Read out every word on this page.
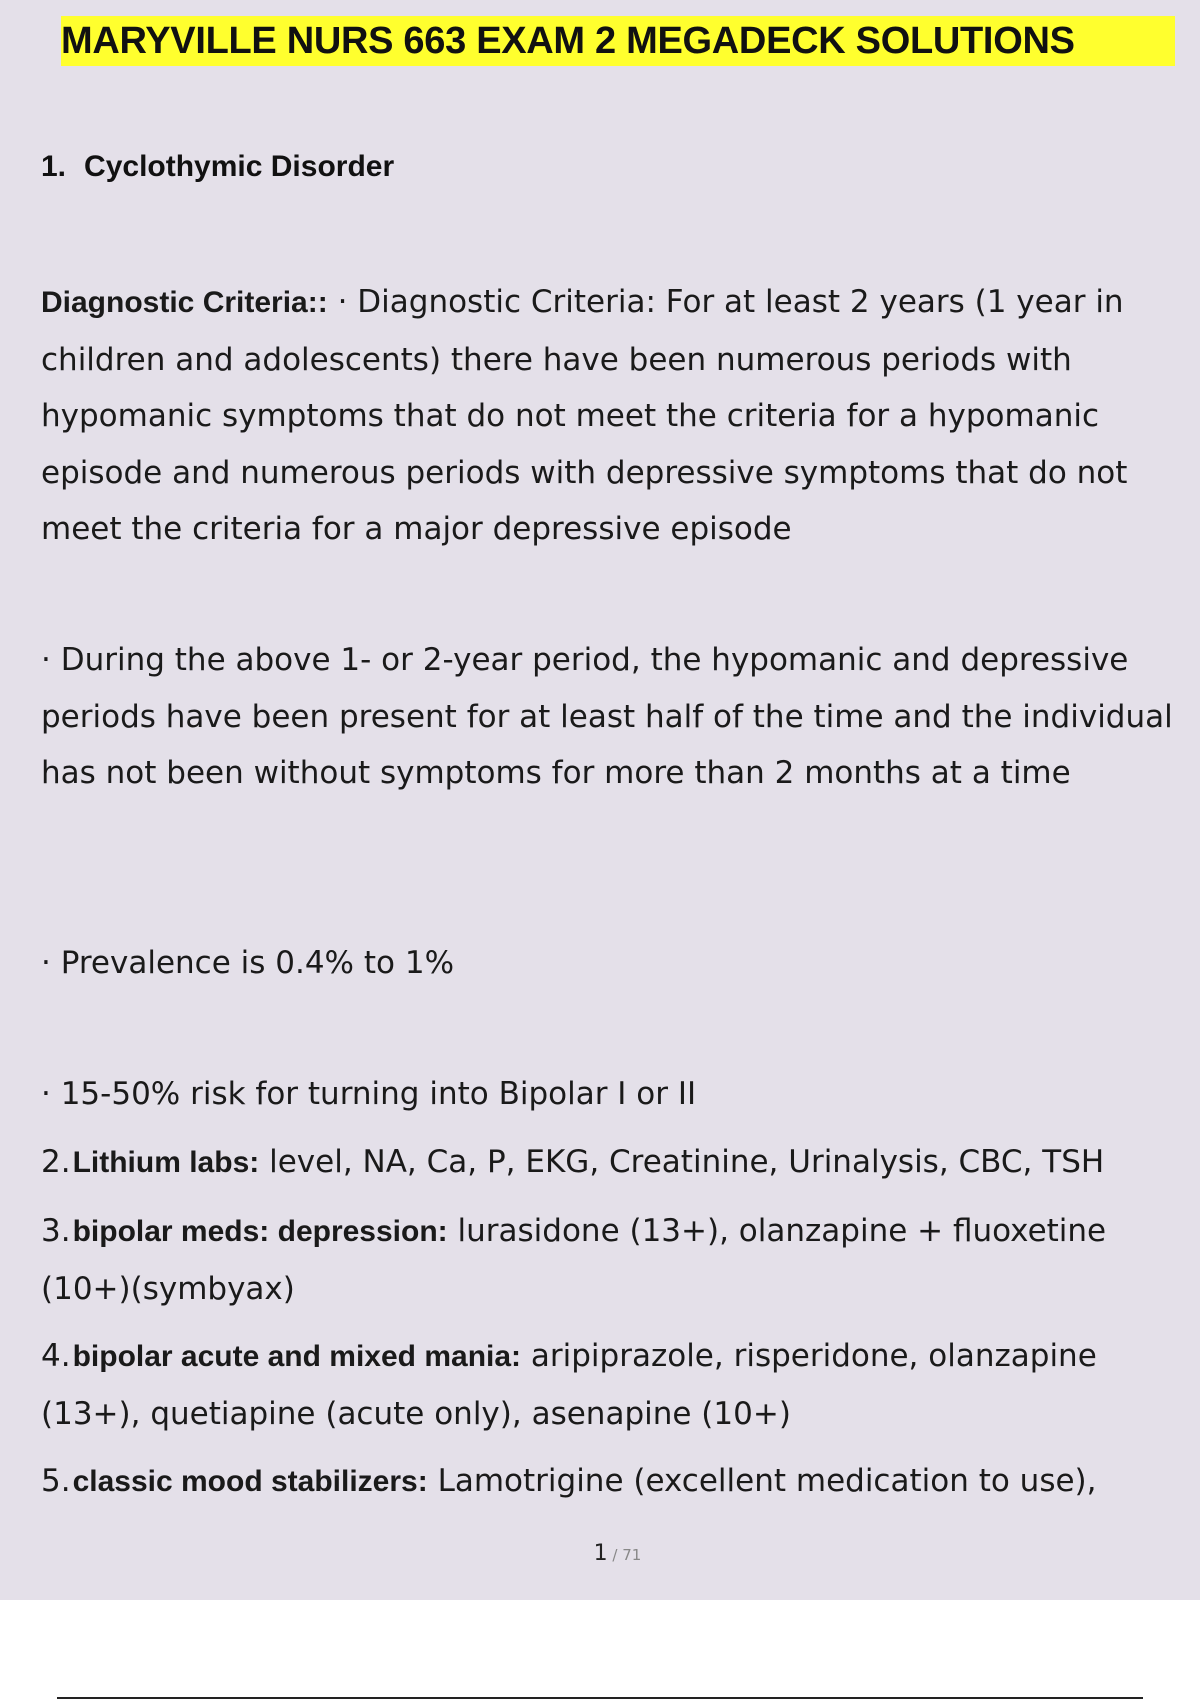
MARYVILLE NURS 663 EXAM 2 MEGADECK SOLUTIONS
1. Cyclothymic Disorder
Diagnostic Criteria:: · Diagnostic Criteria: For at least 2 years (1 year in children and adolescents) there have been numerous periods with hypomanic symptoms that do not meet the criteria for a hypomanic episode and numerous periods with depressive symptoms that do not meet the criteria for a major depressive episode
· During the above 1- or 2-year period, the hypomanic and depressive periods have been present for at least half of the time and the individual has not been without symptoms for more than 2 months at a time
· Prevalence is 0.4% to 1%
· 15-50% risk for turning into Bipolar I or II
2.Lithium labs: level, NA, Ca, P, EKG, Creatinine, Urinalysis, CBC, TSH
3.bipolar meds: depression: lurasidone (13+), olanzapine + fluoxetine (10+)(symbyax)
4.bipolar acute and mixed mania: aripiprazole, risperidone, olanzapine (13+), quetiapine (acute only), asenapine (10+)
5.classic mood stabilizers: Lamotrigine (excellent medication to use),
1 / 71
